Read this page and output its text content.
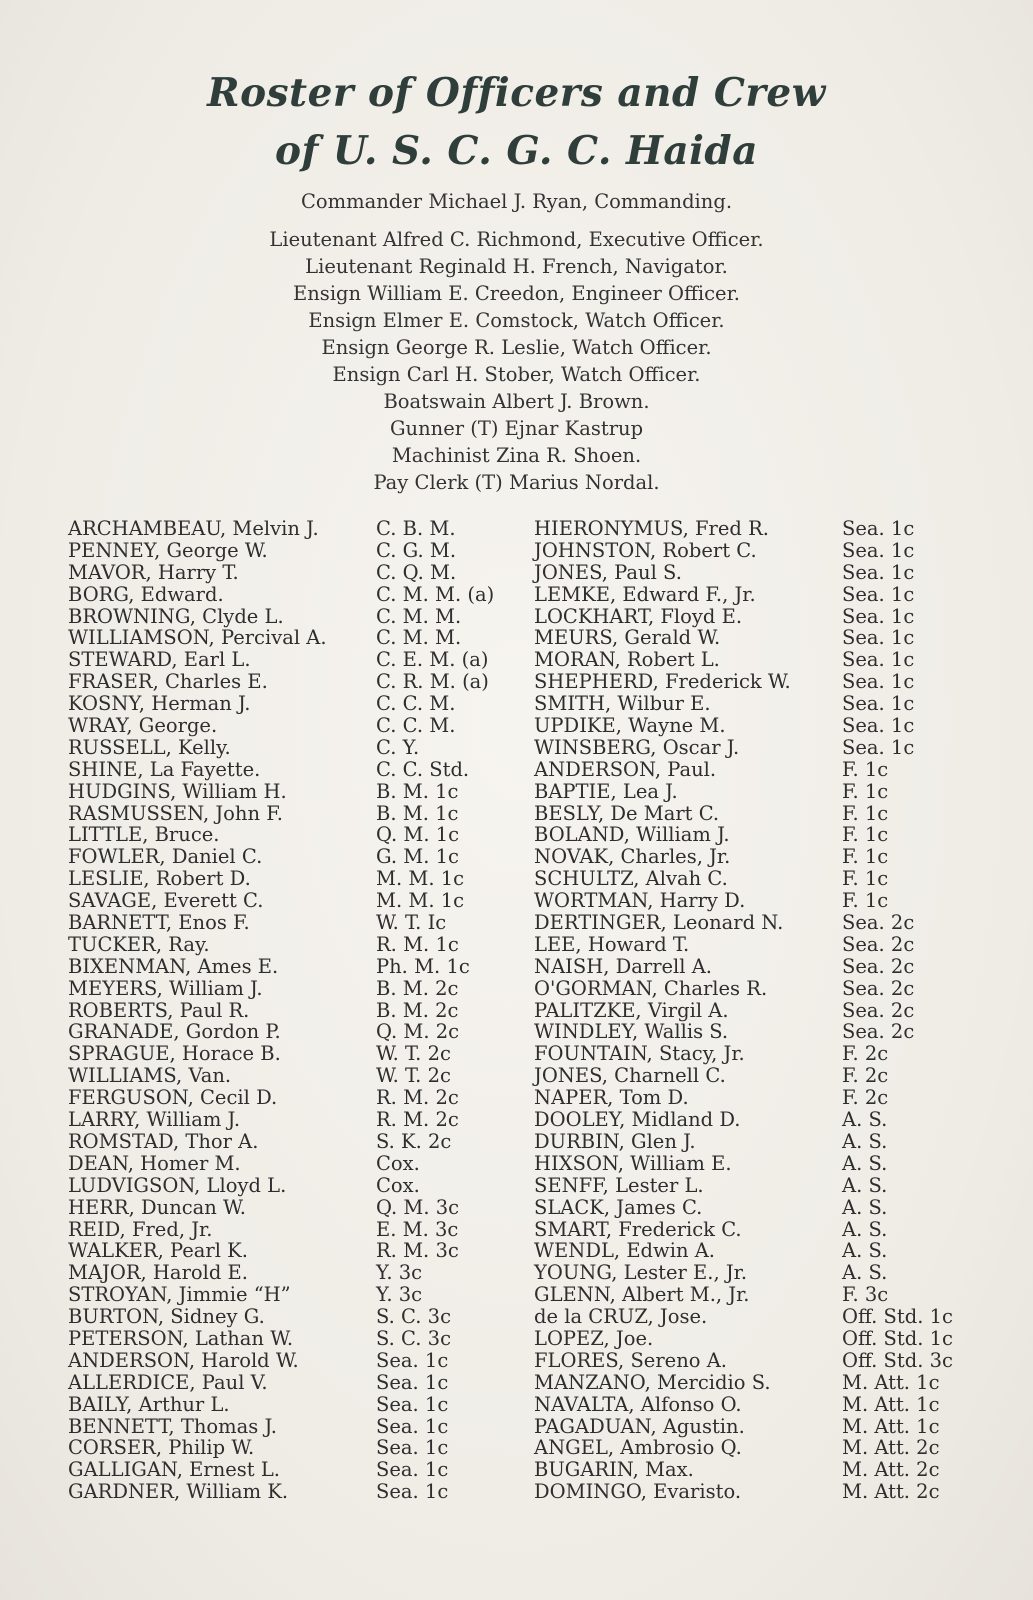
Roster of Officers and Crew
of U. S. C. G. C. Haida
Commander Michael J. Ryan, Commanding.
Lieutenant Alfred C. Richmond, Executive Officer.
Lieutenant Reginald H. French, Navigator.
Ensign William E. Creedon, Engineer Officer.
Ensign Elmer E. Comstock, Watch Officer.
Ensign George R. Leslie, Watch Officer.
Ensign Carl H. Stober, Watch Officer.
Boatswain Albert J. Brown.
Gunner (T) Ejnar Kastrup
Machinist Zina R. Shoen.
Pay Clerk (T) Marius Nordal.
ARCHAMBEAU, Melvin J.	C. B. M.	HIERONYMUS, Fred R.	Sea. 1c
PENNEY, George W.	C. G. M.	JOHNSTON, Robert C.	Sea. 1c
MAVOR, Harry T.	C. Q. M.	JONES, Paul S.	Sea. 1c
BORG, Edward.	C. M. M. (a) LEMKE, Edward F., Jr.	Sea. 1c
BROWNING, Clyde L.	C. M. M.	LOCKHART, Floyd E.	Sea. 1c
WILLIAMSON, Percival A.	C. M. M.	MEURS, Gerald W.	Sea. 1c
STEWARD, Earl L.	C. E. M. (a) MORAN, Robert L.	Sea. 1c
FRASER, Charles E.	C. R. M. (a) SHEPHERD, Frederick W.	Sea. 1c
KOSNY, Herman J.	C. C. M.	SMITH, Wilbur E.	Sea. 1c
WRAY, George.	C. C. M.	UPDIKE, Wayne M.	Sea. 1c
RUSSELL, Kelly.	C. Y.	WINSBERG, Oscar J.	Sea. 1c
SHINE, La Fayette.	C. C. Std.	ANDERSON, Paul.	F. 1c
HUDGINS, William H.	B. M. 1c	BAPTIE, Lea J.	F. 1c
RASMUSSEN, John F.	B. M. 1c	BESLY, De Mart C.	F. 1c
LITTLE, Bruce.	Q. M. 1c	BOLAND, William J.	F. 1c
FOWLER, Daniel C.	G. M. 1c	NOVAK, Charles, Jr.	F. 1c
LESLIE, Robert D.	M. M. 1c	SCHULTZ, Alvah C.	F. 1c
SAVAGE, Everett C.	M. M. 1c	WORTMAN, Harry D.	F. 1c
BARNETT, Enos F.	W. T. Ic	DERTINGER, Leonard N.	Sea. 2c
TUCKER, Ray.	R. M. 1c	LEE, Howard T.	Sea. 2c
BIXENMAN, Ames E.	Ph. M. 1c	NAISH, Darrell A.	Sea. 2c
MEYERS, William J.	B. M. 2c	O'GORMAN, Charles R.	Sea. 2c
ROBERTS, Paul R.	B. M. 2c	PALITZKE, Virgil A.	Sea. 2c
GRANADE, Gordon P.	Q. M. 2c	WINDLEY, Wallis S.	Sea. 2c
SPRAGUE, Horace B.	W. T. 2c	FOUNTAIN, Stacy, Jr.	F. 2c
WILLIAMS, Van.	W. T. 2c	JONES, Charnell C.	F. 2c
FERGUSON, Cecil D.	R. M. 2c	NAPER, Tom D.	F. 2c
LARRY, William J.	R. M. 2c	DOOLEY, Midland D.	A. S.
ROMSTAD, Thor A.	S. K. 2c	DURBIN, Glen J.	A. S.
DEAN, Homer M.	Cox.	HIXSON, William E.	A. S.
LUDVIGSON, Lloyd L.	Cox.	SENFF, Lester L.	A. S.
HERR, Duncan W.	Q. M. 3c	SLACK, James C.	A. S.
REID, Fred, Jr.	E. M. 3c	SMART, Frederick C.	A. S.
WALKER, Pearl K.	R. M. 3c	WENDL, Edwin A.	A. S.
MAJOR, Harold E.	Y. 3c	YOUNG, Lester E., Jr.	A. S.
STROYAN, Jimmie “H”	Y. 3c	GLENN, Albert M., Jr.	F. 3c
BURTON, Sidney G.	S. C. 3c	de la CRUZ, Jose.	Off. Std. 1c
PETERSON, Lathan W.	S. C. 3c	LOPEZ, Joe.	Off. Std. 1c
ANDERSON, Harold W.	Sea. 1c	FLORES, Sereno A.	Off. Std. 3c
ALLERDICE, Paul V.	Sea. 1c	MANZANO, Mercidio S.	M. Att. 1c
BAILY, Arthur L.	Sea. 1c	NAVALTA, Alfonso O.	M. Att. 1c
BENNETT, Thomas J.	Sea. 1c	PAGADUAN, Agustin.	M. Att. 1c
CORSER, Philip W.	Sea. 1c	ANGEL, Ambrosio Q.	M. Att. 2c
GALLIGAN, Ernest L.	Sea. 1c	BUGARIN, Max.	M. Att. 2c
GARDNER, William K.	Sea. 1c	DOMINGO, Evaristo.	M. Att. 2c
